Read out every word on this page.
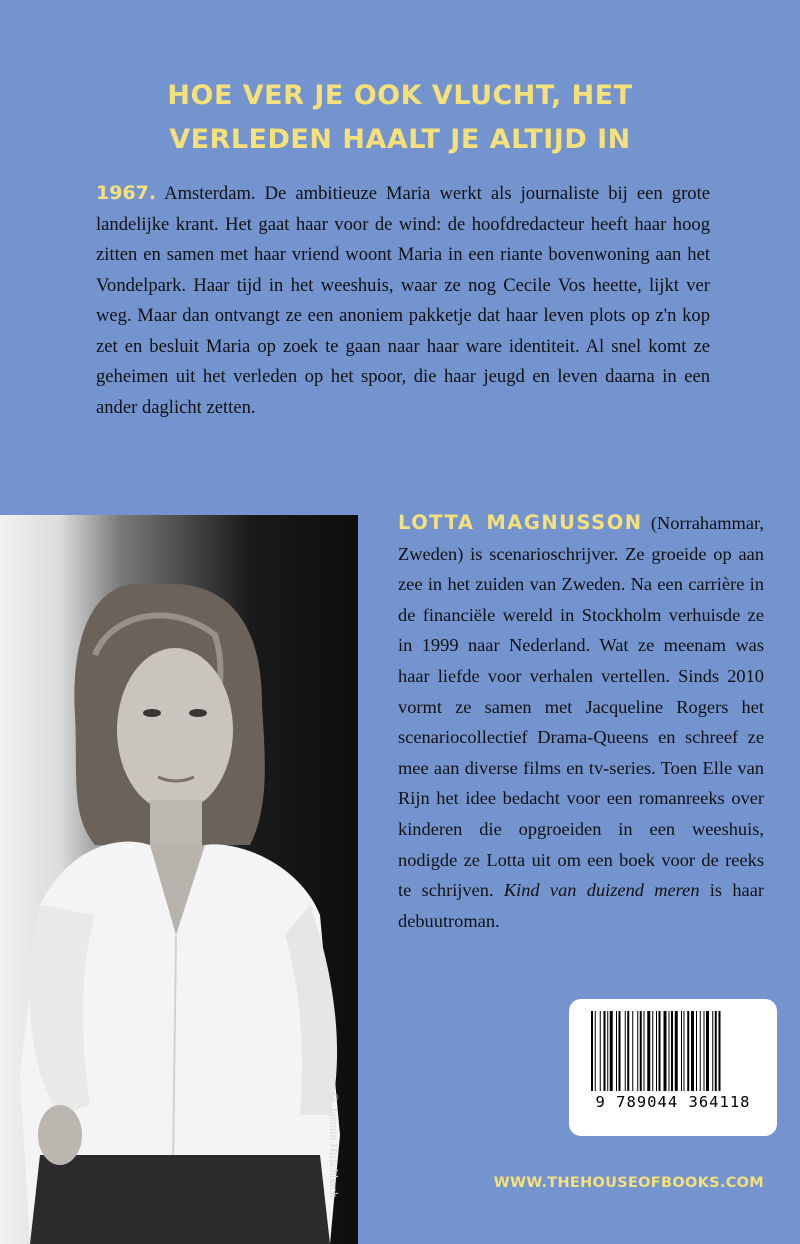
HOE VER JE OOK VLUCHT, HET
VERLEDEN HAALT JE ALTIJD IN
1967. Amsterdam. De ambitieuze Maria werkt als journaliste bij een grote landelijke krant. Het gaat haar voor de wind: de hoofdredacteur heeft haar hoog zitten en samen met haar vriend woont Maria in een riante bovenwoning aan het Vondelpark. Haar tijd in het weeshuis, waar ze nog Cecile Vos heette, lijkt ver weg. Maar dan ontvangt ze een anoniem pakketje dat haar leven plots op z'n kop zet en besluit Maria op zoek te gaan naar haar ware identiteit. Al snel komt ze geheimen uit het verleden op het spoor, die haar jeugd en leven daarna in een ander daglicht zetten.
© Jasmin Hirschbach
LOTTA MAGNUSSON (Norrahammar, Zweden) is scenarioschrijver. Ze groeide op aan zee in het zuiden van Zweden. Na een carrière in de financiële wereld in Stockholm verhuisde ze in 1999 naar Nederland. Wat ze meenam was haar liefde voor verhalen vertellen. Sinds 2010 vormt ze samen met Jacqueline Rogers het scenariocollectief Drama-Queens en schreef ze mee aan diverse films en tv-series. Toen Elle van Rijn het idee bedacht voor een romanreeks over kinderen die opgroeiden in een weeshuis, nodigde ze Lotta uit om een boek voor de reeks te schrijven. Kind van duizend meren is haar debuutroman.
9 789044 364118
WWW.THEHOUSEOFBOOKS.COM
